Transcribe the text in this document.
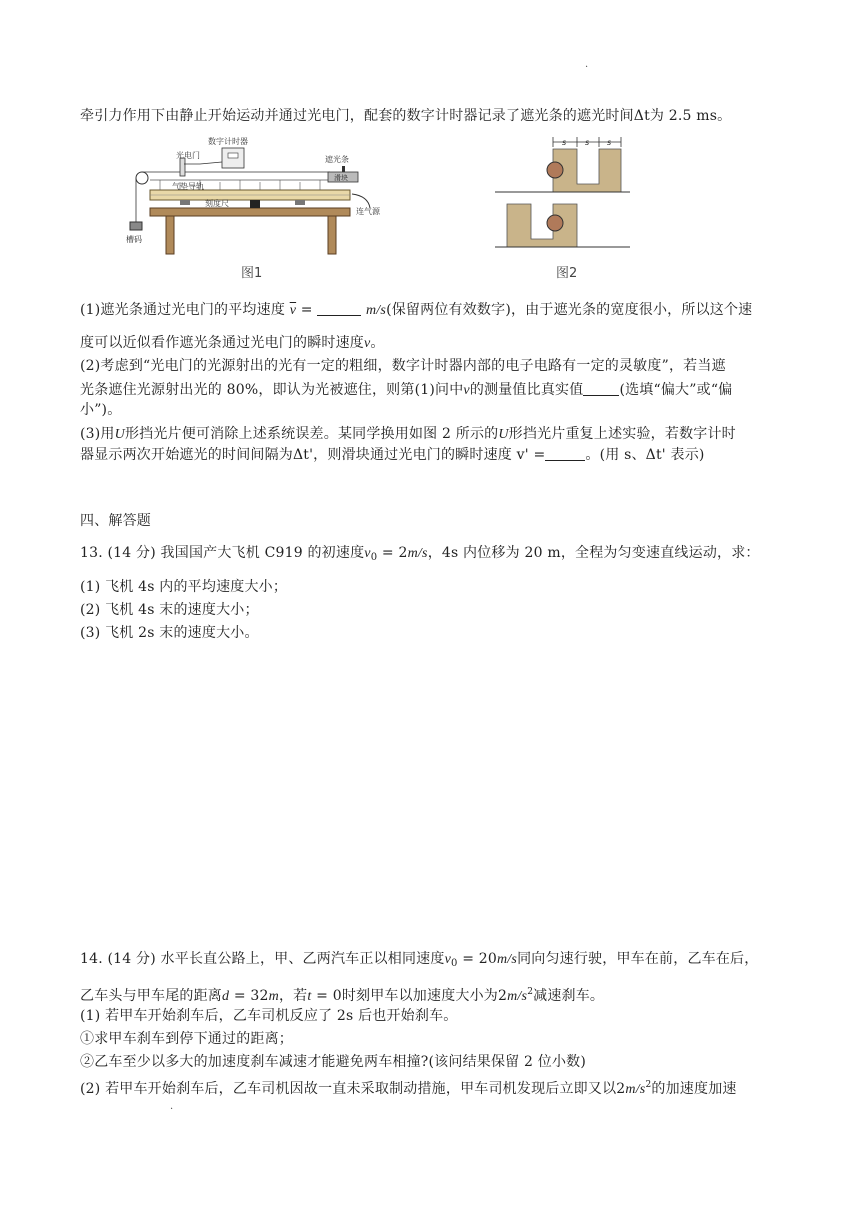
·
牵引力作用下由静止开始运动并通过光电门，配套的数字计时器记录了遮光条的遮光时间Δt为 2.5 ms。
数字计时器
光电门	遮光条
滑块
气垫导轨
刻度尺
连气源
槽码
图1
s s s
图2
(1)遮光条通过光电门的平均速度 $\overline{v}$ =	m/s(保留两位有效数字)，由于遮光条的宽度很小，所以这个速
度可以近似看作遮光条通过光电门的瞬时速度v。
(2)考虑到“光电门的光源射出的光有一定的粗细，数字计时器内部的电子电路有一定的灵敏度”，若当遮
光条遮住光源射出光的 80%，即认为光被遮住，则第(1)问中v的测量值比真实值	(选填“偏大”或“偏
小”)。
(3)用U形挡光片便可消除上述系统误差。某同学换用如图 2 所示的U形挡光片重复上述实验，若数字计时
器显示两次开始遮光的时间间隔为Δt'，则滑块通过光电门的瞬时速度 v' =	。(用 s、Δt' 表示)
四、解答题
13. (14 分) 我国国产大飞机 C919 的初速度$v_0 = 2m/s$，4s 内位移为 20 m，全程为匀变速直线运动，求：
(1) 飞机 4s 内的平均速度大小；
(2) 飞机 4s 末的速度大小；
(3) 飞机 2s 末的速度大小。
14. (14 分) 水平长直公路上，甲、乙两汽车正以相同速度$v_0 = 20m/s$同向匀速行驶，甲车在前，乙车在后，
乙车头与甲车尾的距离d = 32m，若t = 0时刻甲车以加速度大小为$2m/s^2$减速刹车。
(1) 若甲车开始刹车后，乙车司机反应了 2s 后也开始刹车。
①求甲车刹车到停下通过的距离；
②乙车至少以多大的加速度刹车减速才能避免两车相撞?(该问结果保留 2 位小数)
(2) 若甲车开始刹车后，乙车司机因故一直未采取制动措施，甲车司机发现后立即又以$2m/s^2$的加速度加速
·
